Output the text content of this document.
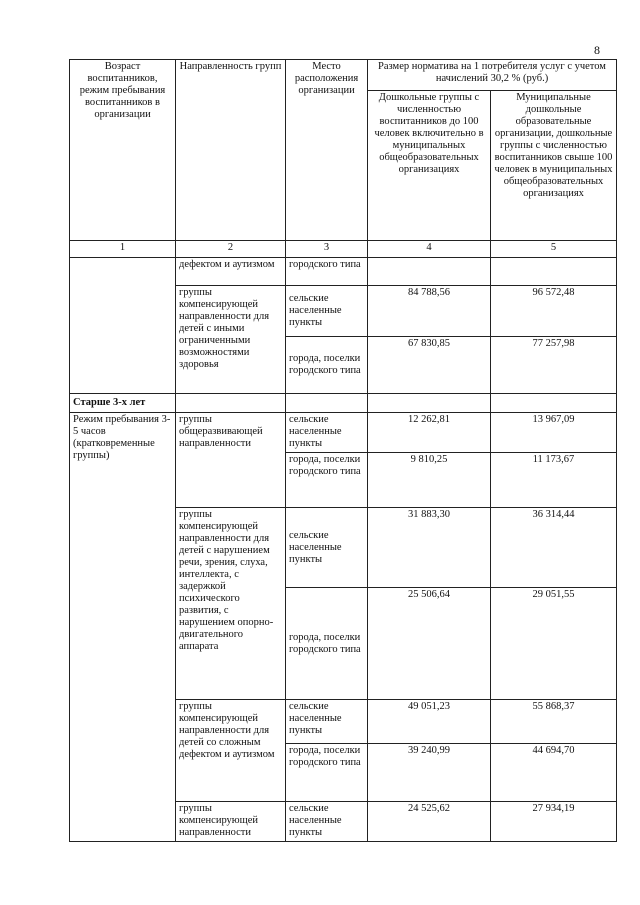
8
Возраст воспитанников, режим пребывания воспитанников в организации	Направленность групп	Место расположения организации	Размер норматива на 1 потребителя услуг с учетом начислений 30,2 % (руб.)	
			Дошкольные группы с численностью воспитанников до 100 человек включительно в муниципальных общеобразовательных организациях	Муниципальные дошкольные образовательные организации, дошкольные группы с численностью воспитанников свыше 100 человек в муниципальных общеобразовательных организациях
1	2	3	4	5
	дефектом и аутизмом	городского типа		
	группы компенсирующей направленности для детей с иными ограниченными возможностями здоровья	сельские населенные пункты	84 788,56	96 572,48
		города, поселки городского типа	67 830,85	77 257,98
Старше 3-х лет				
Режим пребывания 3-5 часов (кратковременные группы)	группы общеразвивающей направленности	сельские населенные пункты	12 262,81	13 967,09
		города, поселки городского типа	9 810,25	11 173,67
	группы компенсирующей направленности для детей с нарушением речи, зрения, слуха, интеллекта, с задержкой психического развития, с нарушением опорно-двигательного аппарата	сельские населенные пункты	31 883,30	36 314,44
		города, поселки городского типа	25 506,64	29 051,55
	группы компенсирующей направленности для детей со сложным дефектом и аутизмом	сельские населенные пункты	49 051,23	55 868,37
		города, поселки городского типа	39 240,99	44 694,70
	группы компенсирующей направленности	сельские населенные пункты	24 525,62	27 934,19
